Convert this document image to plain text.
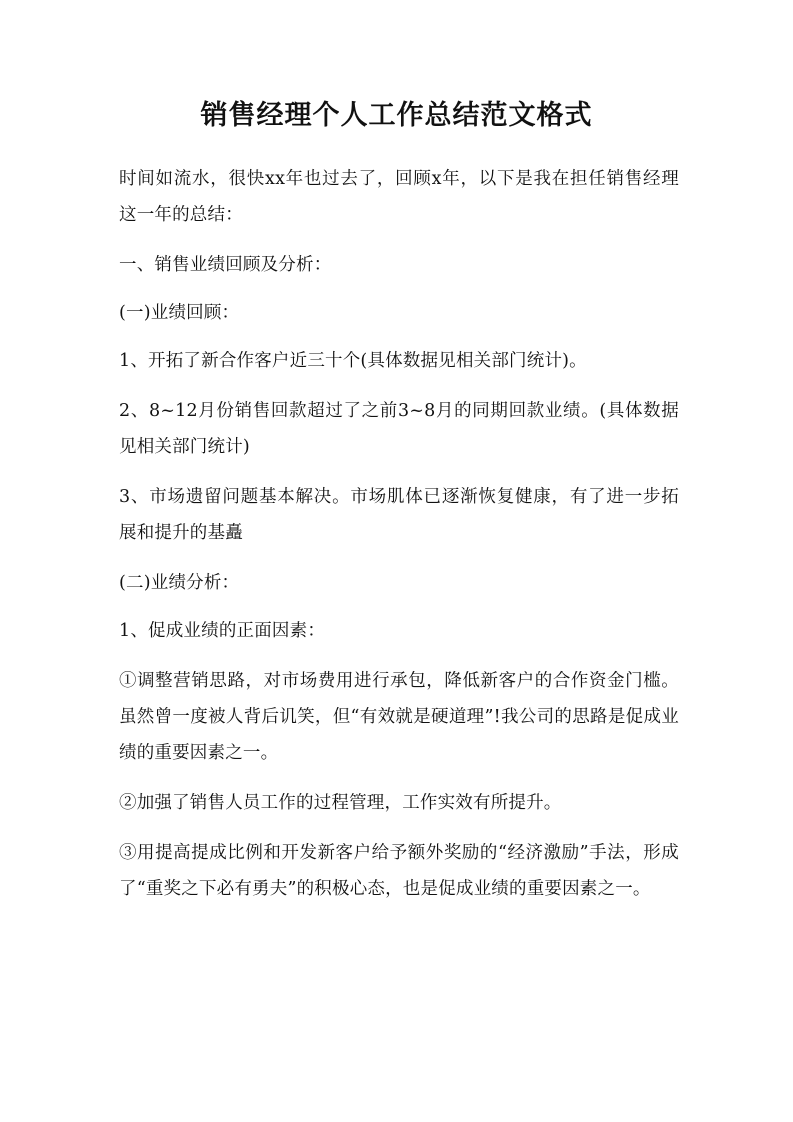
销售经理个人工作总结范文格式

时间如流水，很快xx年也过去了，回顾x年，以下是我在担任销售经理这一年的总结：

一、销售业绩回顾及分析：

(一)业绩回顾：

1、开拓了新合作客户近三十个(具体数据见相关部门统计)。

2、8~12月份销售回款超过了之前3~8月的同期回款业绩。(具体数据见相关部门统计)

3、市场遗留问题基本解决。市场肌体已逐渐恢复健康，有了进一步拓展和提升的基矗

(二)业绩分析：

1、促成业绩的正面因素：

①调整营销思路，对市场费用进行承包，降低新客户的合作资金门槛。虽然曾一度被人背后讥笑，但“有效就是硬道理”!我公司的思路是促成业绩的重要因素之一。

②加强了销售人员工作的过程管理，工作实效有所提升。

③用提高提成比例和开发新客户给予额外奖励的“经济激励”手法，形成了“重奖之下必有勇夫”的积极心态，也是促成业绩的重要因素之一。
